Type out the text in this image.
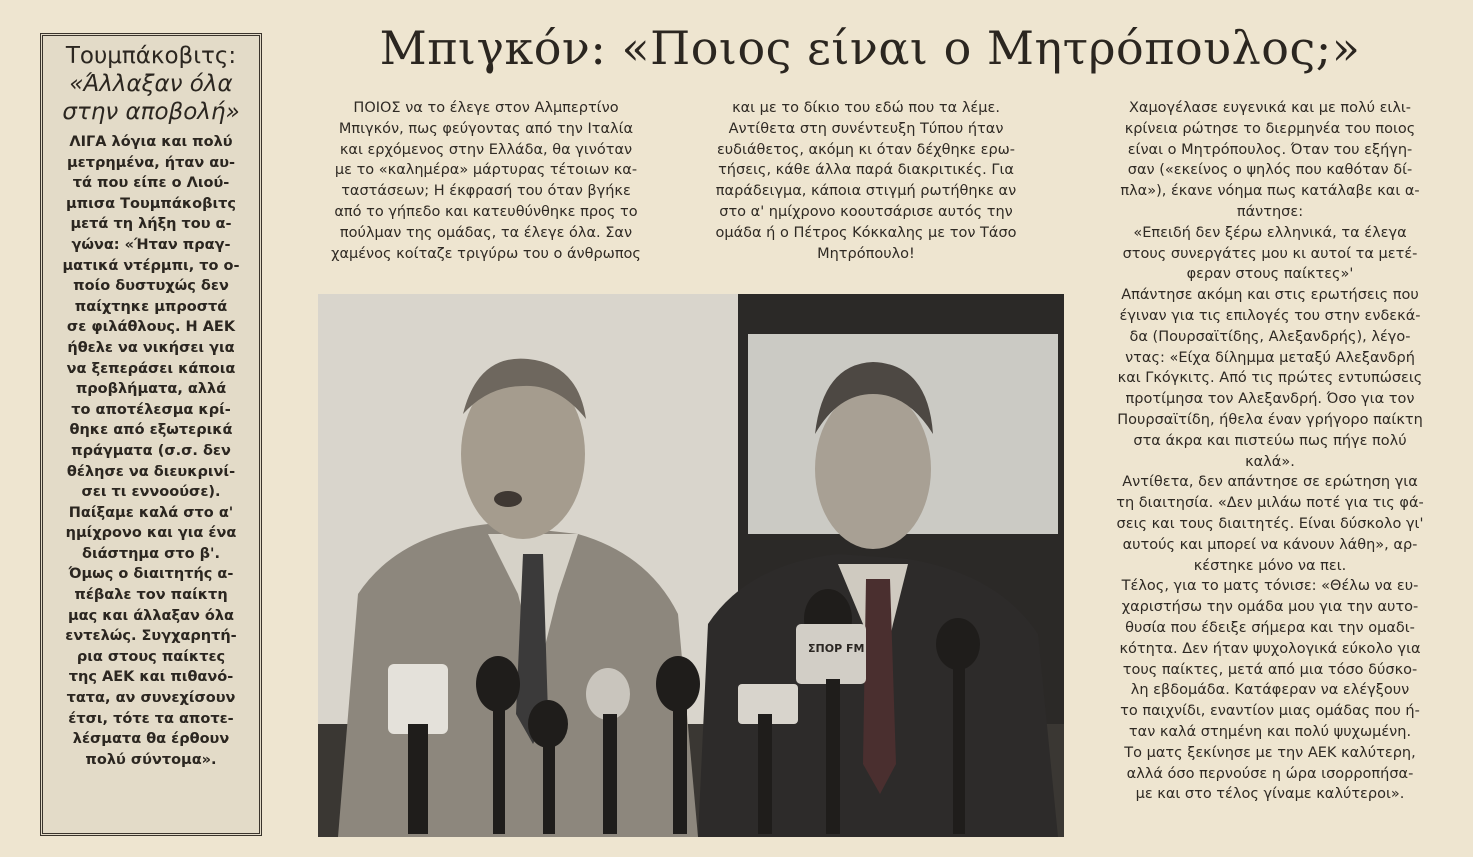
Τουμπάκοβιτς:
«Άλλαξαν όλα
στην αποβολή»
ΛΙΓΑ λόγια και πολύ
μετρημένα, ήταν αυ-
τά που είπε ο Λιού-
μπισα Τουμπάκοβιτς
μετά τη λήξη του α-
γώνα: «Ήταν πραγ-
ματικά ντέρμπι, το ο-
ποίο δυστυχώς δεν
παίχτηκε μπροστά
σε φιλάθλους. Η ΑΕΚ
ήθελε να νικήσει για
να ξεπεράσει κάποια
προβλήματα, αλλά
το αποτέλεσμα κρί-
θηκε από εξωτερικά
πράγματα (σ.σ. δεν
θέλησε να διευκρινί-
σει τι εννοούσε).
Παίξαμε καλά στο α'
ημίχρονο και για ένα
διάστημα στο β'.
Όμως ο διαιτητής α-
πέβαλε τον παίκτη
μας και άλλαξαν όλα
εντελώς. Συγχαρητή-
ρια στους παίκτες
της ΑΕΚ και πιθανό-
τατα, αν συνεχίσουν
έτσι, τότε τα αποτε-
λέσματα θα έρθουν
πολύ σύντομα».
Μπιγκόν: «Ποιος είναι ο Μητρόπουλος;»
ΠΟΙΟΣ να το έλεγε στον Αλμπερτίνο
Μπιγκόν, πως φεύγοντας από την Ιταλία
και ερχόμενος στην Ελλάδα, θα γινόταν
με το «καλημέρα» μάρτυρας τέτοιων κα-
ταστάσεων; Η έκφρασή του όταν βγήκε
από το γήπεδο και κατευθύνθηκε προς το
πούλμαν της ομάδας, τα έλεγε όλα. Σαν
χαμένος κοίταζε τριγύρω του ο άνθρωπος
και με το δίκιο του εδώ που τα λέμε.
Αντίθετα στη συνέντευξη Τύπου ήταν
ευδιάθετος, ακόμη κι όταν δέχθηκε ερω-
τήσεις, κάθε άλλα παρά διακριτικές. Για
παράδειγμα, κάποια στιγμή ρωτήθηκε αν
στο α' ημίχρονο κοουτσάρισε αυτός την
ομάδα ή ο Πέτρος Κόκκαλης με τον Τάσο
Μητρόπουλο!
Χαμογέλασε ευγενικά και με πολύ ειλι-
κρίνεια ρώτησε το διερμηνέα του ποιος
είναι ο Μητρόπουλος. Όταν του εξήγη-
σαν («εκείνος ο ψηλός που καθόταν δί-
πλα»), έκανε νόημα πως κατάλαβε και α-
πάντησε:
«Επειδή δεν ξέρω ελληνικά, τα έλεγα
στους συνεργάτες μου κι αυτοί τα μετέ-
φεραν στους παίκτες»'
Απάντησε ακόμη και στις ερωτήσεις που
έγιναν για τις επιλογές του στην ενδεκά-
δα (Πουρσαϊτίδης, Αλεξανδρής), λέγο-
ντας: «Είχα δίλημμα μεταξύ Αλεξανδρή
και Γκόγκιτς. Από τις πρώτες εντυπώσεις
προτίμησα τον Αλεξανδρή. Όσο για τον
Πουρσαϊτίδη, ήθελα έναν γρήγορο παίκτη
στα άκρα και πιστεύω πως πήγε πολύ
καλά».
Αντίθετα, δεν απάντησε σε ερώτηση για
τη διαιτησία. «Δεν μιλάω ποτέ για τις φά-
σεις και τους διαιτητές. Είναι δύσκολο γι'
αυτούς και μπορεί να κάνουν λάθη», αρ-
κέστηκε μόνο να πει.
Τέλος, για το ματς τόνισε: «Θέλω να ευ-
χαριστήσω την ομάδα μου για την αυτο-
θυσία που έδειξε σήμερα και την ομαδι-
κότητα. Δεν ήταν ψυχολογικά εύκολο για
τους παίκτες, μετά από μια τόσο δύσκο-
λη εβδομάδα. Κατάφεραν να ελέγξουν
το παιχνίδι, εναντίον μιας ομάδας που ή-
ταν καλά στημένη και πολύ ψυχωμένη.
Το ματς ξεκίνησε με την ΑΕΚ καλύτερη,
αλλά όσο περνούσε η ώρα ισορροπήσα-
με και στο τέλος γίναμε καλύτεροι».
ΣΠΟΡ FM
